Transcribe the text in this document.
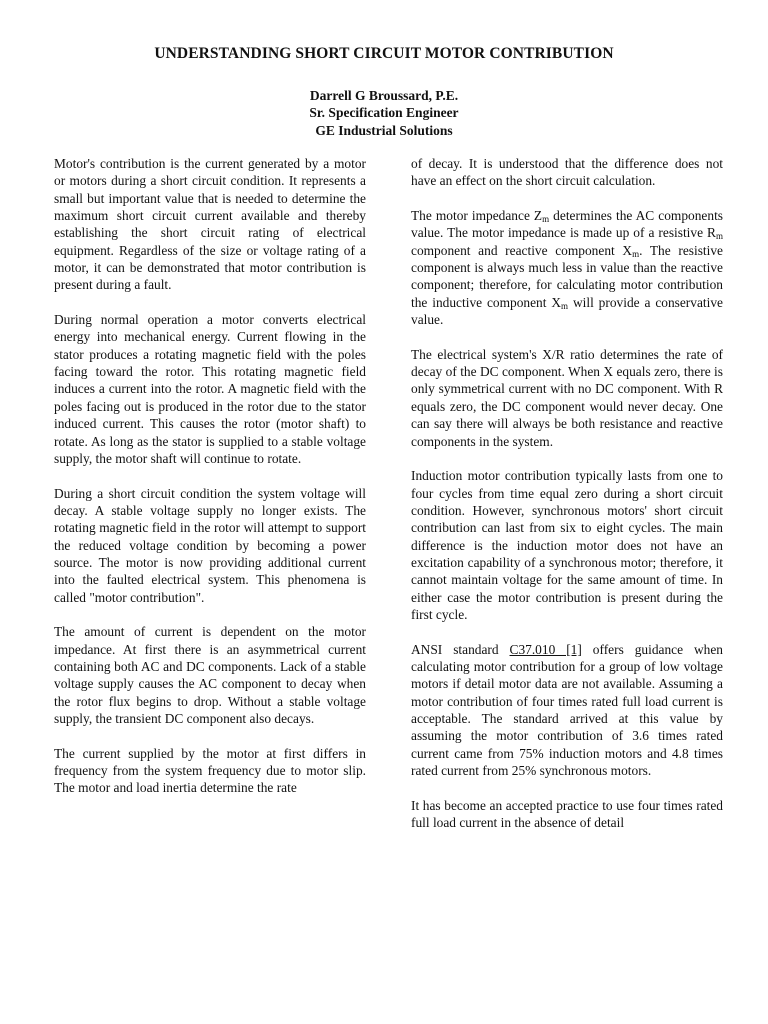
UNDERSTANDING SHORT CIRCUIT MOTOR CONTRIBUTION
Darrell G Broussard, P.E.
Sr. Specification Engineer
GE Industrial Solutions

Motor's contribution is the current generated by a motor or motors during a short circuit condition. It represents a small but important value that is needed to determine the maximum short circuit current available and thereby establishing the short circuit rating of electrical equipment. Regardless of the size or voltage rating of a motor, it can be demonstrated that motor contribution is present during a fault.

During normal operation a motor converts electrical energy into mechanical energy. Current flowing in the stator produces a rotating magnetic field with the poles facing toward the rotor. This rotating magnetic field induces a current into the rotor. A magnetic field with the poles facing out is produced in the rotor due to the stator induced current. This causes the rotor (motor shaft) to rotate. As long as the stator is supplied to a stable voltage supply, the motor shaft will continue to rotate.

During a short circuit condition the system voltage will decay. A stable voltage supply no longer exists. The rotating magnetic field in the rotor will attempt to support the reduced voltage condition by becoming a power source. The motor is now providing additional current into the faulted electrical system. This phenomena is called "motor contribution".

The amount of current is dependent on the motor impedance. At first there is an asymmetrical current containing both AC and DC components. Lack of a stable voltage supply causes the AC component to decay when the rotor flux begins to drop. Without a stable voltage supply, the transient DC component also decays.

The current supplied by the motor at first differs in frequency from the system frequency due to motor slip. The motor and load inertia determine the rate

of decay. It is understood that the difference does not have an effect on the short circuit calculation.

The motor impedance $Z_m$ determines the AC components value. The motor impedance is made up of a resistive $R_m$ component and reactive component $X_m$. The resistive component is always much less in value than the reactive component; therefore, for calculating motor contribution the inductive component $X_m$ will provide a conservative value.

The electrical system's X/R ratio determines the rate of decay of the DC component. When X equals zero, there is only symmetrical current with no DC component. With R equals zero, the DC component would never decay. One can say there will always be both resistance and reactive components in the system.

Induction motor contribution typically lasts from one to four cycles from time equal zero during a short circuit condition. However, synchronous motors' short circuit contribution can last from six to eight cycles. The main difference is the induction motor does not have an excitation capability of a synchronous motor; therefore, it cannot maintain voltage for the same amount of time. In either case the motor contribution is present during the first cycle.

ANSI standard C37.010 [1] offers guidance when calculating motor contribution for a group of low voltage motors if detail motor data are not available. Assuming a motor contribution of four times rated full load current is acceptable. The standard arrived at this value by assuming the motor contribution of 3.6 times rated current came from 75% induction motors and 4.8 times rated current from 25% synchronous motors.

It has become an accepted practice to use four times rated full load current in the absence of detail
